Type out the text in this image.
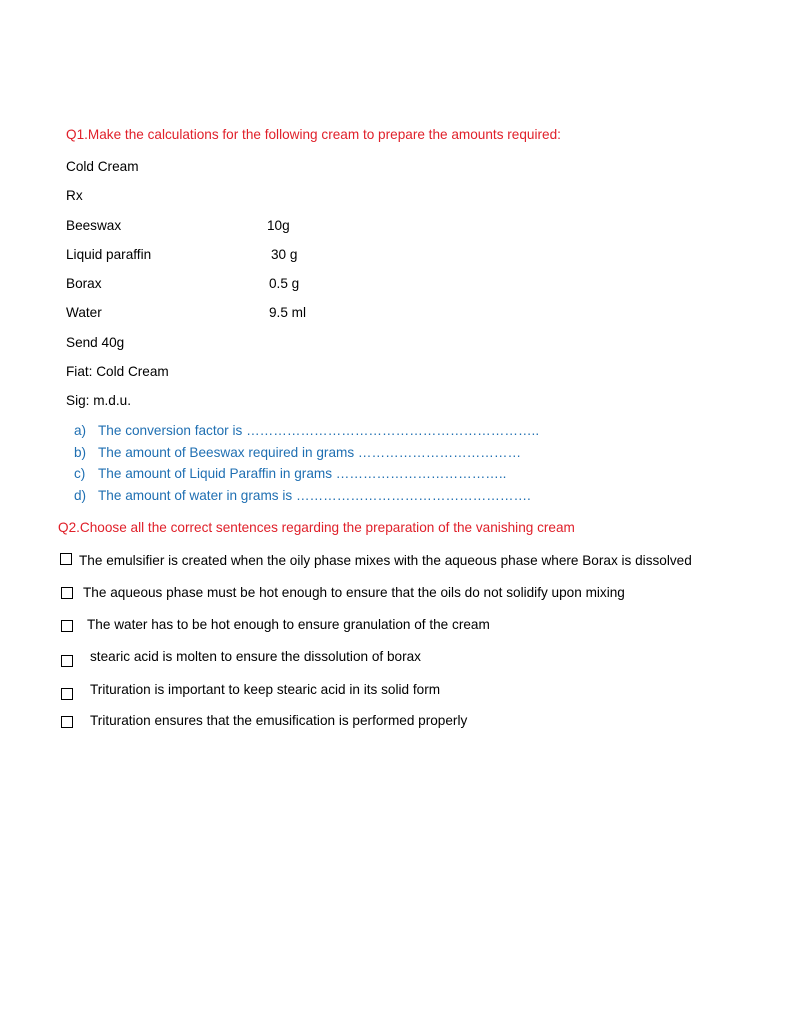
Q1.Make the calculations for the following cream to prepare the amounts required:
Cold Cream
Rx
Beeswax	10g
Liquid paraffin	30 g
Borax	0.5 g
Water	9.5 ml
Send 40g
Fiat: Cold Cream
Sig: m.d.u.
a) The conversion factor is ………………………………………………………..
b) The amount of Beeswax required in grams ………………………………
c) The amount of Liquid Paraffin in grams ………………………………..
d) The amount of water in grams is …………………………………………….
Q2.Choose all the correct sentences regarding the preparation of the vanishing cream
The emulsifier is created when the oily phase mixes with the aqueous phase where Borax is dissolved
The aqueous phase must be hot enough to ensure that the oils do not solidify upon mixing
The water has to be hot enough to ensure granulation of the cream
stearic acid is molten to ensure the dissolution of borax
Trituration is important to keep stearic acid in its solid form
Trituration ensures that the emusification is performed properly
